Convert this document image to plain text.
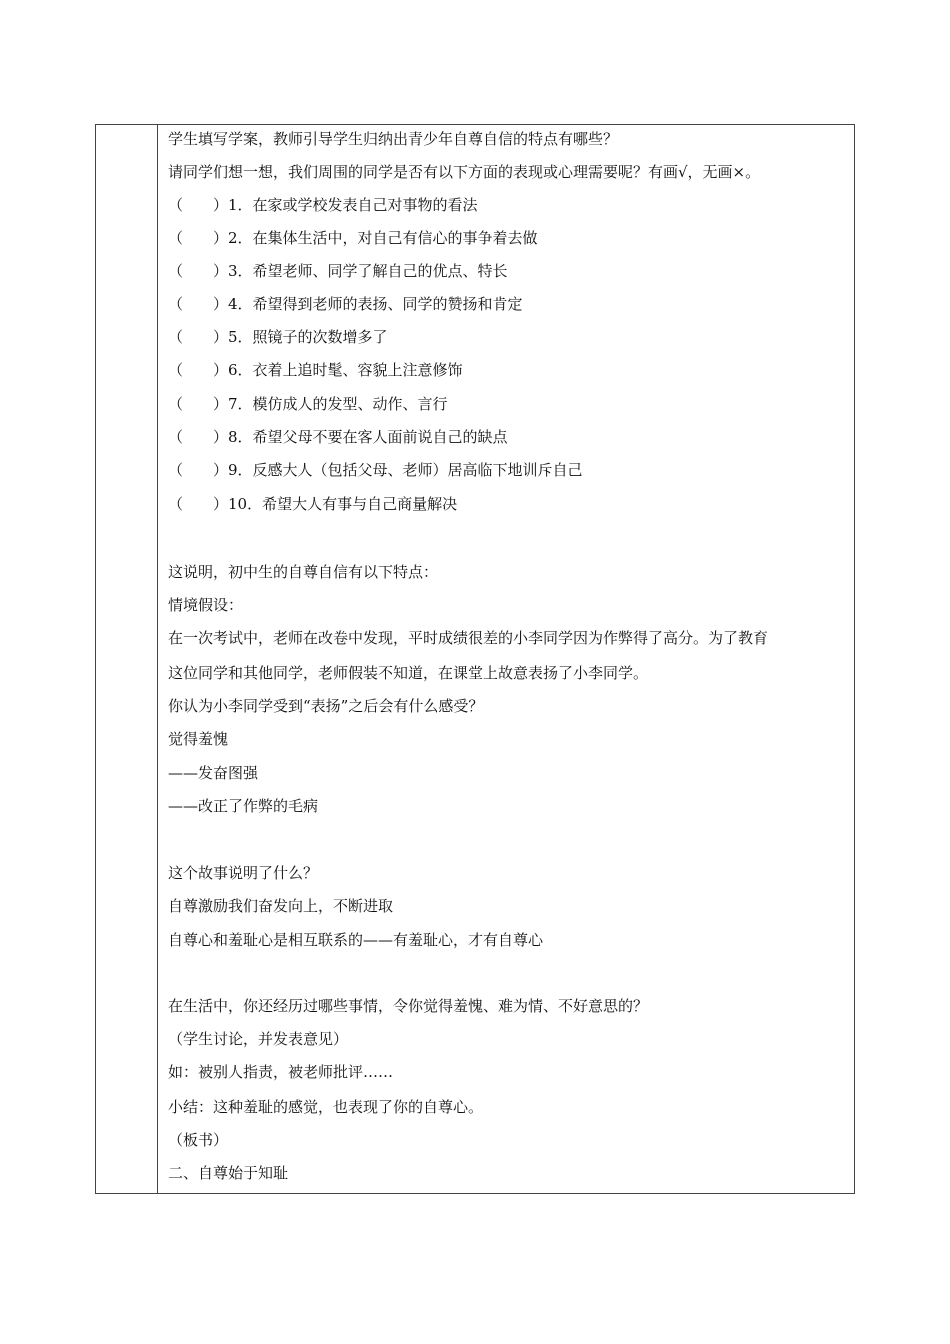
学生填写学案，教师引导学生归纳出青少年自尊自信的特点有哪些？
请同学们想一想，我们周围的同学是否有以下方面的表现或心理需要呢？有画√，无画×。
（　　）1．在家或学校发表自己对事物的看法
（　　）2．在集体生活中，对自己有信心的事争着去做
（　　）3．希望老师、同学了解自己的优点、特长
（　　）4．希望得到老师的表扬、同学的赞扬和肯定
（　　）5．照镜子的次数增多了
（　　）6．衣着上追时髦、容貌上注意修饰
（　　）7．模仿成人的发型、动作、言行
（　　）8．希望父母不要在客人面前说自己的缺点
（　　）9．反感大人（包括父母、老师）居高临下地训斥自己
（　　）10．希望大人有事与自己商量解决
这说明，初中生的自尊自信有以下特点：
情境假设：
在一次考试中，老师在改卷中发现，平时成绩很差的小李同学因为作弊得了高分。为了教育
这位同学和其他同学，老师假装不知道，在课堂上故意表扬了小李同学。
你认为小李同学受到“表扬”之后会有什么感受？
觉得羞愧
——发奋图强
——改正了作弊的毛病
这个故事说明了什么？
自尊激励我们奋发向上，不断进取
自尊心和羞耻心是相互联系的——有羞耻心，才有自尊心
在生活中，你还经历过哪些事情，令你觉得羞愧、难为情、不好意思的？
（学生讨论，并发表意见）
如：被别人指责，被老师批评……
小结：这种羞耻的感觉，也表现了你的自尊心。
（板书）
二、自尊始于知耻
